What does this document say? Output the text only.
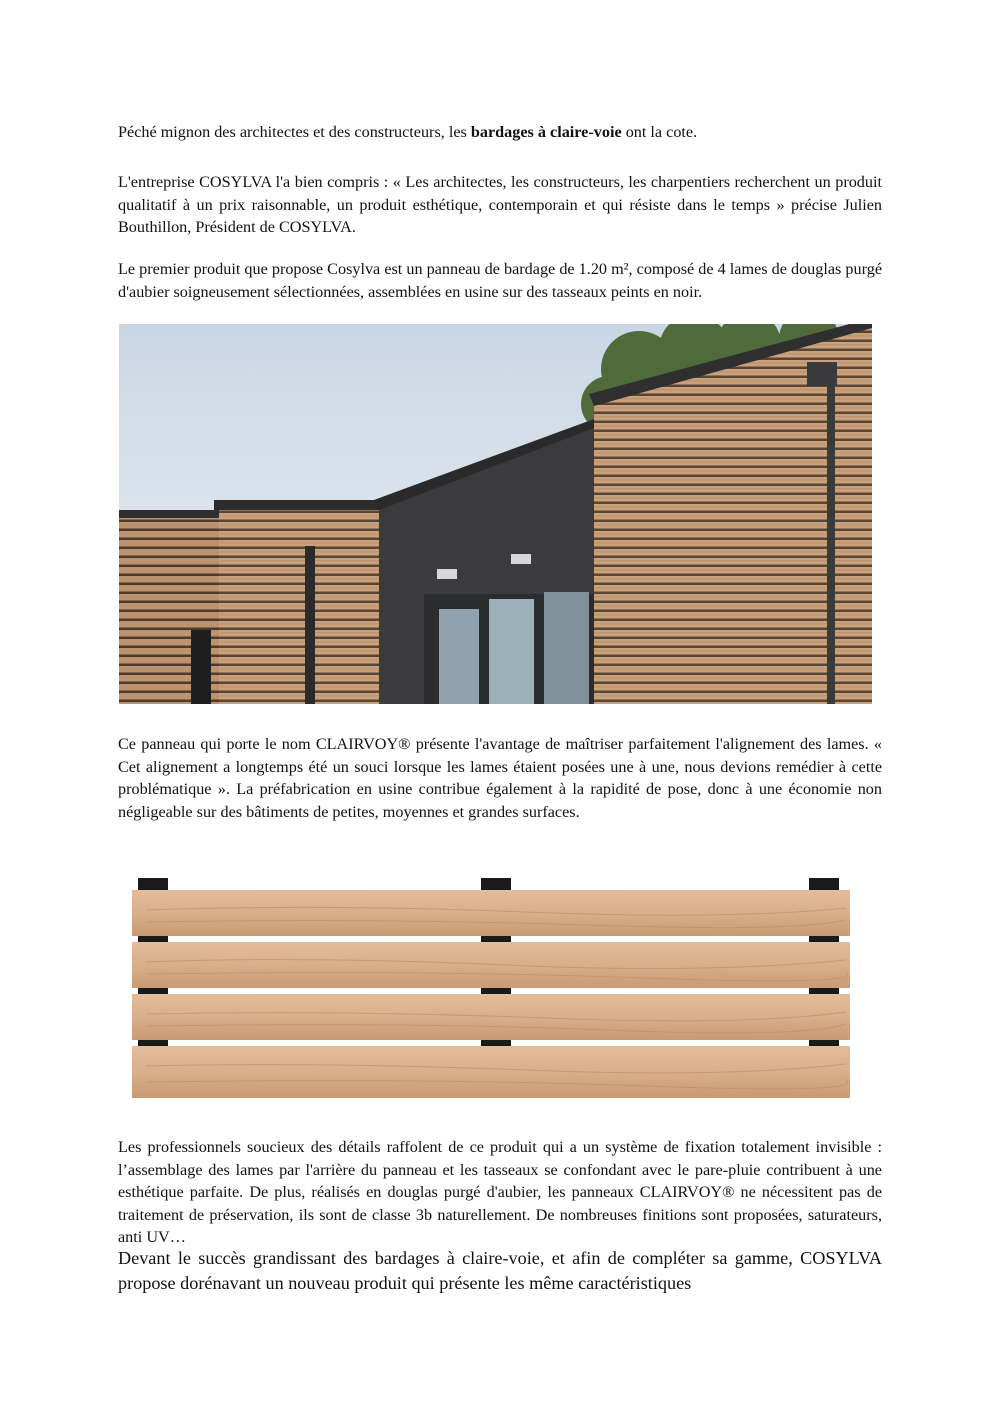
Péché mignon des architectes et des constructeurs, les bardages à claire-voie ont la cote.

L'entreprise COSYLVA l'a bien compris : « Les architectes, les constructeurs, les charpentiers recherchent un produit qualitatif à un prix raisonnable, un produit esthétique, contemporain et qui résiste dans le temps » précise Julien Bouthillon, Président de COSYLVA.

Le premier produit que propose Cosylva est un panneau de bardage de 1.20 m², composé de 4 lames de douglas purgé d'aubier soigneusement sélectionnées, assemblées en usine sur des tasseaux peints en noir.

Ce panneau qui porte le nom CLAIRVOY® présente l'avantage de maîtriser parfaitement l'alignement des lames. « Cet alignement a longtemps été un souci lorsque les lames étaient posées une à une, nous devions remédier à cette problématique ». La préfabrication en usine contribue également à la rapidité de pose, donc à une économie non négligeable sur des bâtiments de petites, moyennes et grandes surfaces.

Les professionnels soucieux des détails raffolent de ce produit qui a un système de fixation totalement invisible : l’assemblage des lames par l'arrière du panneau et les tasseaux se confondant avec le pare-pluie contribuent à une esthétique parfaite. De plus, réalisés en douglas purgé d'aubier, les panneaux CLAIRVOY® ne nécessitent pas de traitement de préservation, ils sont de classe 3b naturellement. De nombreuses finitions sont proposées, saturateurs, anti UV…

Devant le succès grandissant des bardages à claire-voie, et afin de compléter sa gamme, COSYLVA propose dorénavant un nouveau produit qui présente les même caractéristiques
